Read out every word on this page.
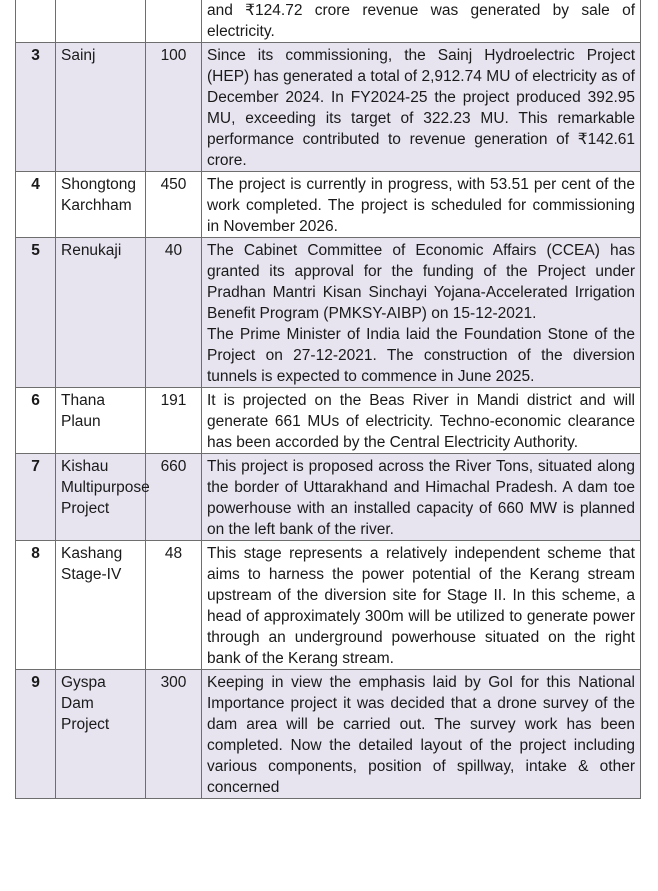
			and ₹124.72 crore revenue was generated by sale of electricity.

3	Sainj	100	Since its commissioning, the Sainj Hydroelectric Project (HEP) has generated a total of 2,912.74 MU of electricity as of December 2024. In FY2024-25 the project produced 392.95 MU, exceeding its target of 322.23 MU. This remarkable performance contributed to revenue generation of ₹142.61 crore.

4	Shongtong Karchham	450	The project is currently in progress, with 53.51 per cent of the work completed. The project is scheduled for commissioning in November 2026.

5	Renukaji	40	The Cabinet Committee of Economic Affairs (CCEA) has granted its approval for the funding of the Project under Pradhan Mantri Kisan Sinchayi Yojana-Accelerated Irrigation Benefit Program (PMKSY-AIBP) on 15-12-2021.
The Prime Minister of India laid the Foundation Stone of the Project on 27-12-2021. The construction of the diversion tunnels is expected to commence in June 2025.

6	Thana Plaun	191	It is projected on the Beas River in Mandi district and will generate 661 MUs of electricity. Techno-economic clearance has been accorded by the Central Electricity Authority.

7	Kishau Multipurpose Project	660	This project is proposed across the River Tons, situated along the border of Uttarakhand and Himachal Pradesh. A dam toe powerhouse with an installed capacity of 660 MW is planned on the left bank of the river.

8	Kashang Stage-IV	48	This stage represents a relatively independent scheme that aims to harness the power potential of the Kerang stream upstream of the diversion site for Stage II. In this scheme, a head of approximately 300m will be utilized to generate power through an underground powerhouse situated on the right bank of the Kerang stream.

9	Gyspa Dam Project	300	Keeping in view the emphasis laid by GoI for this National Importance project it was decided that a drone survey of the dam area will be carried out. The survey work has been completed. Now the detailed layout of the project including various components, position of spillway, intake & other concerned
